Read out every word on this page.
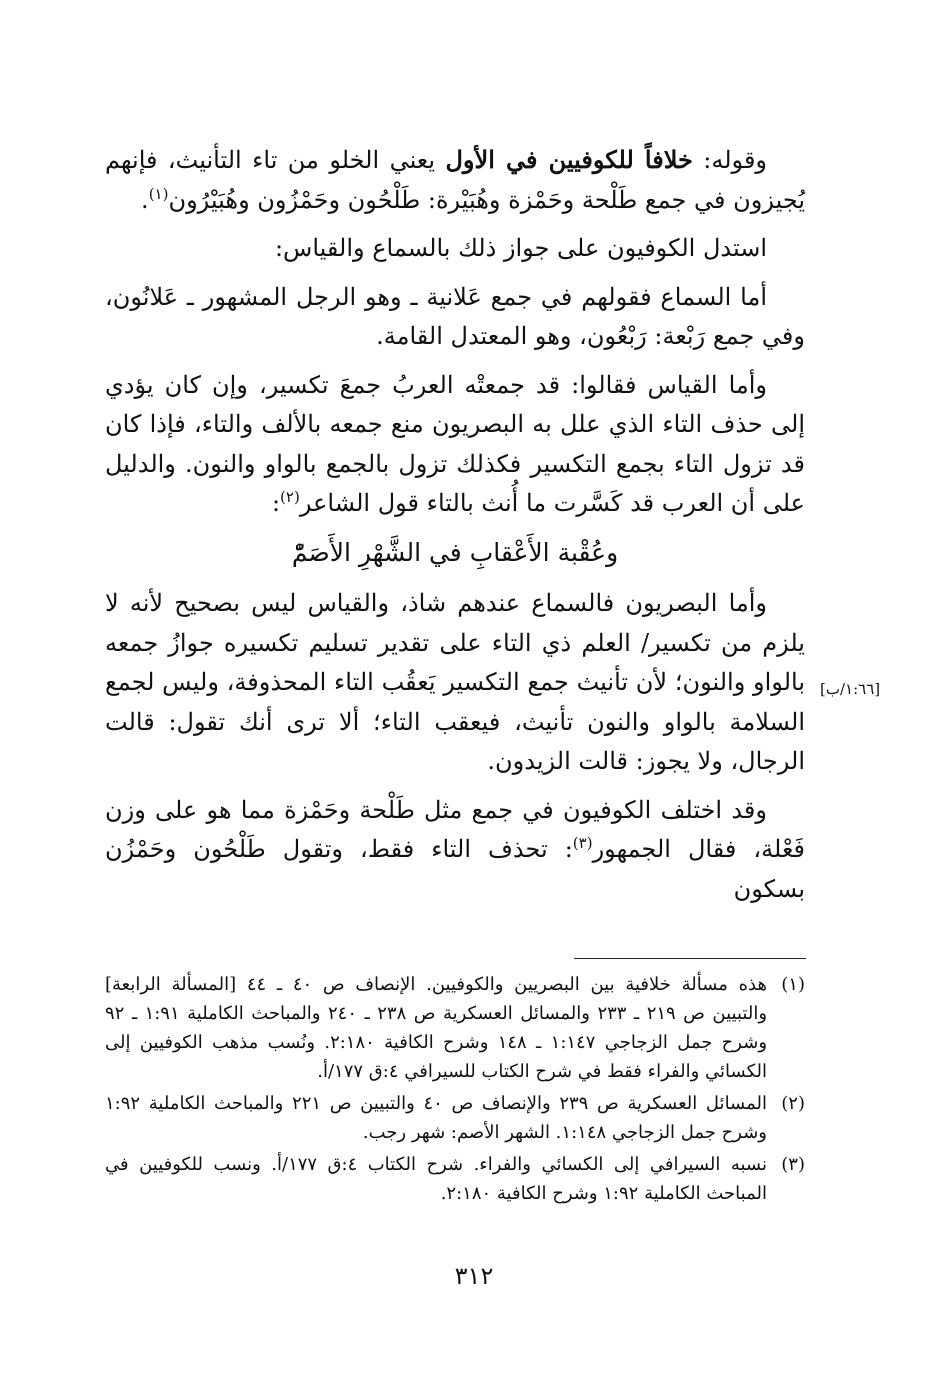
وقوله: خلافاً للكوفيين في الأول يعني الخلو من تاء التأنيث، فإنهم يُجيزون في جمع طَلْحة وحَمْزة وهُبَيْرة: طَلْحُون وحَمْزُون وهُبَيْرُون$^{(١)}$.

استدل الكوفيون على جواز ذلك بالسماع والقياس:

أما السماع فقولهم في جمع عَلانية ـ وهو الرجل المشهور ـ عَلانُون، وفي جمع رَبْعة: رَبْعُون، وهو المعتدل القامة.

وأما القياس فقالوا: قد جمعتْه العربُ جمعَ تكسير، وإن كان يؤدي إلى حذف التاء الذي علل به البصريون منع جمعه بالألف والتاء، فإذا كان قد تزول التاء بجمع التكسير فكذلك تزول بالجمع بالواو والنون. والدليل على أن العرب قد كَسَّرت ما أُنث بالتاء قول الشاعر$^{(٢)}$:

وعُقْبة الأَعْقابِ في الشَّهْرِ الأَصَمّْ

وأما البصريون فالسماع عندهم شاذ، والقياس ليس بصحيح لأنه لا يلزم من تكسير/ العلم ذي التاء على تقدير تسليم تكسيره جوازُ جمعه بالواو والنون؛ لأن تأنيث جمع التكسير يَعقُب التاء المحذوفة، وليس لجمع السلامة بالواو والنون تأنيث، فيعقب التاء؛ ألا ترى أنك تقول: قالت الرجال، ولا يجوز: قالت الزيدون.

وقد اختلف الكوفيون في جمع مثل طَلْحة وحَمْزة مما هو على وزن فَعْلة، فقال الجمهور$^{(٣)}$: تحذف التاء فقط، وتقول طَلْحُون وحَمْزُن بسكون

[١:٦٦/ب]
(١)
هذه مسألة خلافية بين البصريين والكوفيين. الإنصاف ص ٤٠ ـ ٤٤ [المسألة الرابعة] والتبيين ص ٢١٩ ـ ٢٣٣ والمسائل العسكرية ص ٢٣٨ ـ ٢٤٠ والمباحث الكاملية ١:٩١ ـ ٩٢ وشرح جمل الزجاجي ١:١٤٧ ـ ١٤٨ وشرح الكافية ٢:١٨٠. ونُسب مذهب الكوفيين إلى الكسائي والفراء فقط في شرح الكتاب للسيرافي ٤:ق ١٧٧/أ.
(٢)
المسائل العسكرية ص ٢٣٩ والإنصاف ص ٤٠ والتبيين ص ٢٢١ والمباحث الكاملية ١:٩٢ وشرح جمل الزجاجي ١:١٤٨. الشهر الأصم: شهر رجب.
(٣)
نسبه السيرافي إلى الكسائي والفراء. شرح الكتاب ٤:ق ١٧٧/أ. ونسب للكوفيين في المباحث الكاملية ١:٩٢ وشرح الكافية ٢:١٨٠.
٣١٢
